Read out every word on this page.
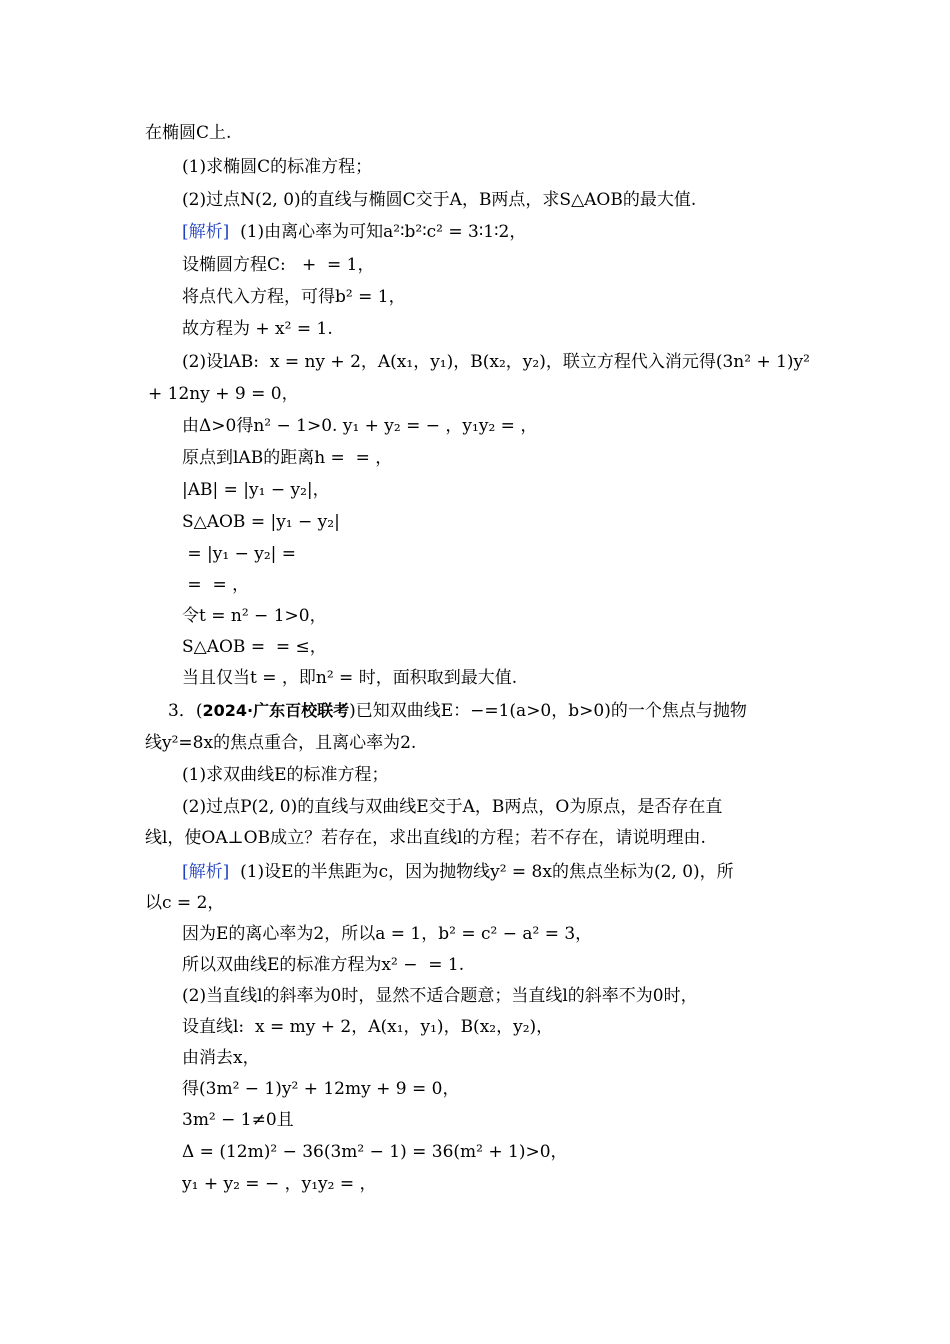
在椭圆C上.
(1)求椭圆C的标准方程；
(2)过点N(2, 0)的直线与椭圆C交于A，B两点，求S△AOB的最大值.
[解析]  (1)由离心率为可知a²∶b²∶c² = 3∶1∶2，
设椭圆方程C:   +  = 1，
将点代入方程，可得b² = 1，
故方程为 + x² = 1.
(2)设lAB:  x = ny + 2，A(x₁，y₁)，B(x₂，y₂)，联立方程代入消元得(3n² + 1)y²
+ 12ny + 9 = 0，
由Δ>0得n² − 1>0. y₁ + y₂ = − ，y₁y₂ = ，
原点到lAB的距离h =  = ，
|AB| = |y₁ − y₂|，
S△AOB = |y₁ − y₂|
= |y₁ − y₂| =
=  = ，
令t = n² − 1>0，
S△AOB =  = ≤，
当且仅当t = ，即n² = 时，面积取到最大值.
3．(2024·广东百校联考)已知双曲线E：−=1(a>0，b>0)的一个焦点与抛物
线y²=8x的焦点重合，且离心率为2.
(1)求双曲线E的标准方程；
(2)过点P(2, 0)的直线与双曲线E交于A，B两点，O为原点，是否存在直
线l，使OA⊥OB成立？若存在，求出直线l的方程；若不存在，请说明理由.
[解析]  (1)设E的半焦距为c，因为抛物线y² = 8x的焦点坐标为(2, 0)，所
以c = 2，
因为E的离心率为2，所以a = 1，b² = c² − a² = 3，
所以双曲线E的标准方程为x² −  = 1.
(2)当直线l的斜率为0时，显然不适合题意；当直线l的斜率不为0时，
设直线l:  x = my + 2，A(x₁，y₁)，B(x₂，y₂)，
由消去x，
得(3m² − 1)y² + 12my + 9 = 0，
3m² − 1≠0且
Δ = (12m)² − 36(3m² − 1) = 36(m² + 1)>0，
y₁ + y₂ = − ，y₁y₂ = ，
